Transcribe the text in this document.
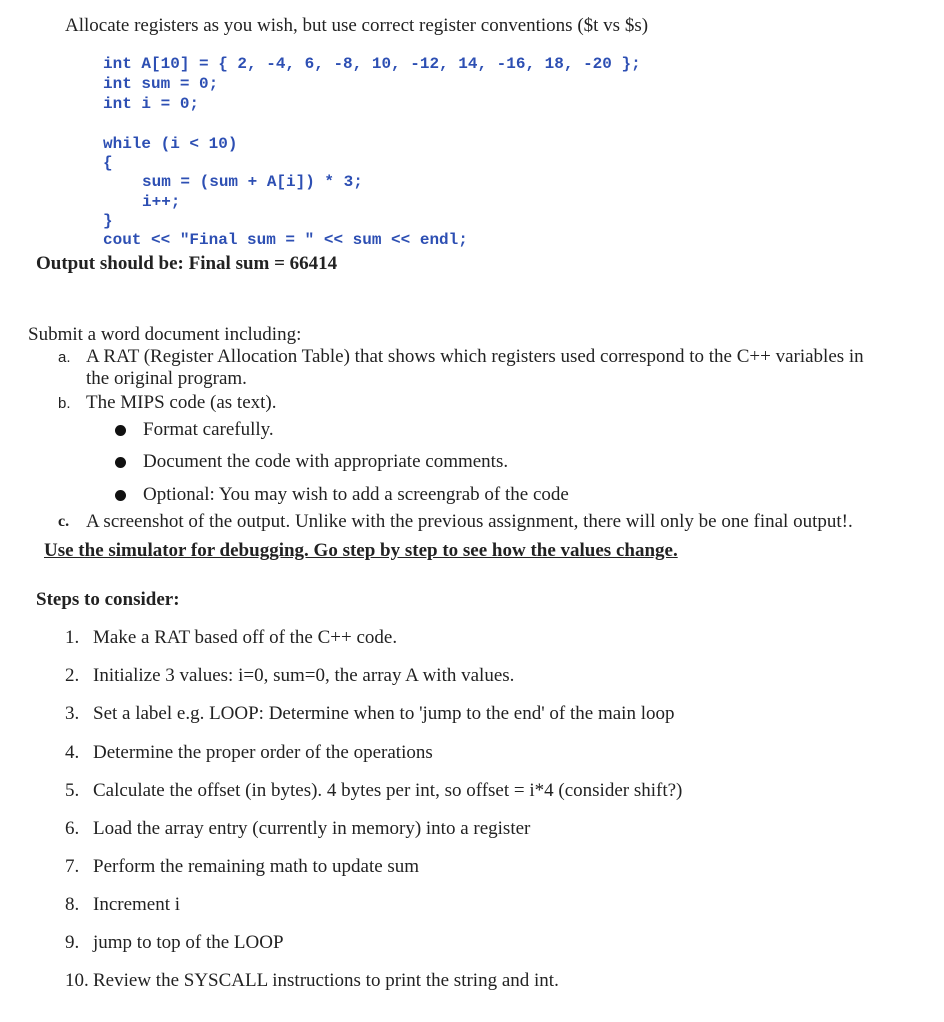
Allocate registers as you wish, but use correct register conventions ($t vs $s)
int A[10] = { 2, -4, 6, -8, 10, -12, 14, -16, 18, -20 };
int sum = 0;
int i = 0;
while (i < 10)
{
sum = (sum + A[i]) * 3;
i++;
}
cout << "Final sum = " << sum << endl;
Output should be: Final sum = 66414
Submit a word document including:
a. A RAT (Register Allocation Table) that shows which registers used correspond to the C++ variables in
the original program.
b. The MIPS code (as text).
Format carefully.
Document the code with appropriate comments.
Optional: You may wish to add a screengrab of the code
c. A screenshot of the output. Unlike with the previous assignment, there will only be one final output!.
Use the simulator for debugging. Go step by step to see how the values change.
Steps to consider:
1. Make a RAT based off of the C++ code.
2. Initialize 3 values: i=0, sum=0, the array A with values.
3. Set a label e.g. LOOP: Determine when to 'jump to the end' of the main loop
4. Determine the proper order of the operations
5. Calculate the offset (in bytes). 4 bytes per int, so offset = i*4 (consider shift?)
6. Load the array entry (currently in memory) into a register
7. Perform the remaining math to update sum
8. Increment i
9. jump to top of the LOOP
10. Review the SYSCALL instructions to print the string and int.
